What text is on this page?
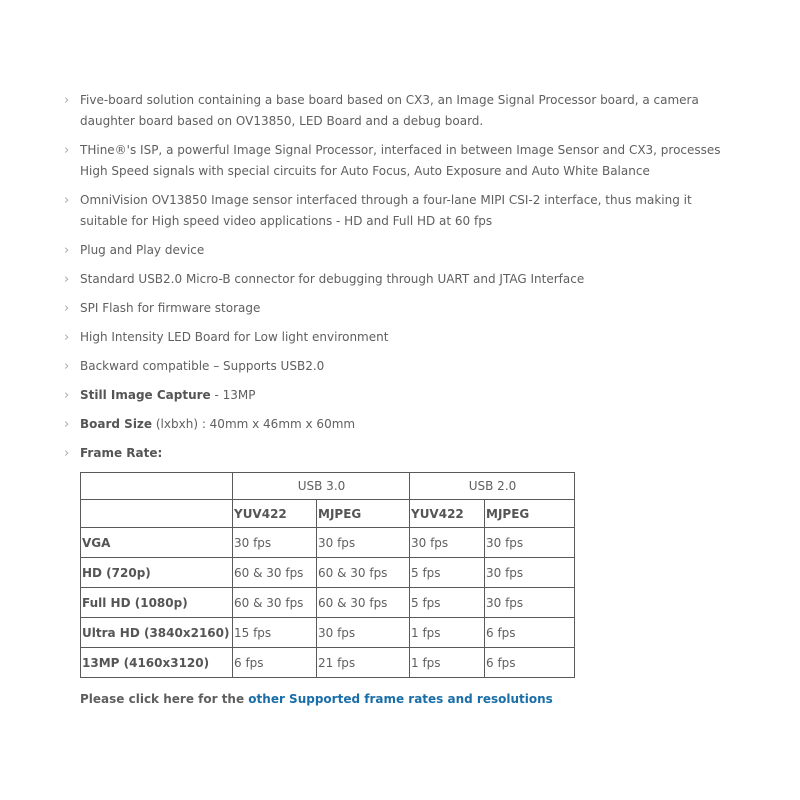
› Five-board solution containing a base board based on CX3, an Image Signal Processor board, a camera daughter board based on OV13850, LED Board and a debug board.
› THine®'s ISP, a powerful Image Signal Processor, interfaced in between Image Sensor and CX3, processes High Speed signals with special circuits for Auto Focus, Auto Exposure and Auto White Balance
› OmniVision OV13850 Image sensor interfaced through a four-lane MIPI CSI-2 interface, thus making it suitable for High speed video applications - HD and Full HD at 60 fps
› Plug and Play device
› Standard USB2.0 Micro-B connector for debugging through UART and JTAG Interface
› SPI Flash for firmware storage
› High Intensity LED Board for Low light environment
› Backward compatible – Supports USB2.0
› Still Image Capture - 13MP
› Board Size (lxbxh) : 40mm x 46mm x 60mm
› Frame Rate:
	USB 3.0		USB 2.0	
	YUV422	MJPEG	YUV422	MJPEG
VGA	30 fps	30 fps	30 fps	30 fps
HD (720p)	60 & 30 fps	60 & 30 fps	5 fps	30 fps
Full HD (1080p)	60 & 30 fps	60 & 30 fps	5 fps	30 fps
Ultra HD (3840x2160)	15 fps	30 fps	1 fps	6 fps
13MP (4160x3120)	6 fps	21 fps	1 fps	6 fps
Please click here for the other Supported frame rates and resolutions
